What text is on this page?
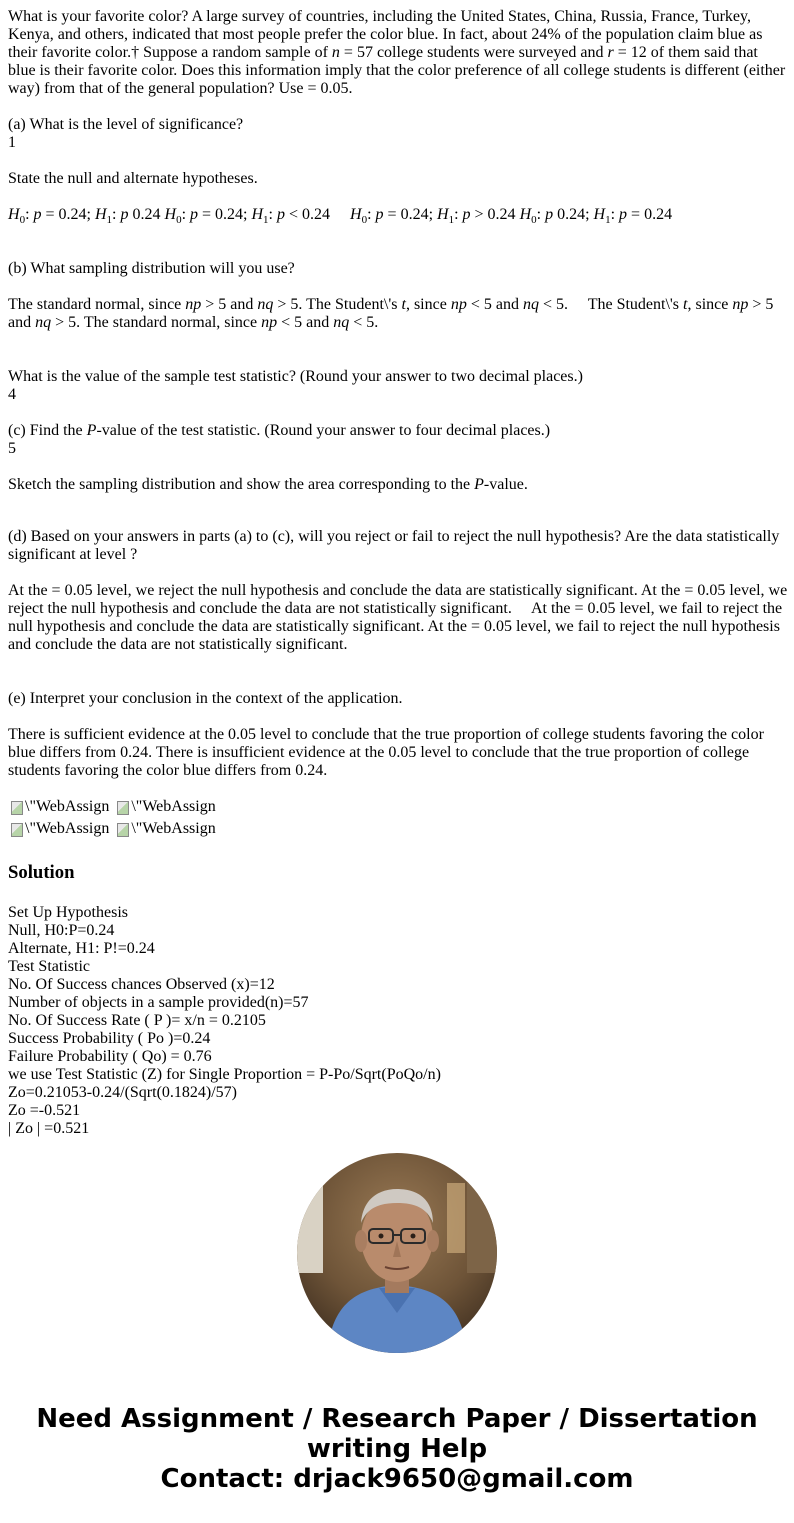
What is your favorite color? A large survey of countries, including the United States, China, Russia, France, Turkey, Kenya, and others, indicated that most people prefer the color blue. In fact, about 24% of the population claim blue as their favorite color.† Suppose a random sample of n = 57 college students were surveyed and r = 12 of them said that blue is their favorite color. Does this information imply that the color preference of all college students is different (either way) from that of the general population? Use = 0.05.

(a) What is the level of significance?

1

State the null and alternate hypotheses.

$H_0$: p = 0.24; $H_1$: p 0.24 $H_0$: p = 0.24; $H_1$: p < 0.24 $H_0$: p = 0.24; $H_1$: p > 0.24 $H_0$: p 0.24; $H_1$: p = 0.24

(b) What sampling distribution will you use?

The standard normal, since np > 5 and nq > 5. The Student\'s t, since np < 5 and nq < 5. The Student\'s t, since np > 5 and nq > 5. The standard normal, since np < 5 and nq < 5.

What is the value of the sample test statistic? (Round your answer to two decimal places.)

4

(c) Find the P-value of the test statistic. (Round your answer to four decimal places.)

5

Sketch the sampling distribution and show the area corresponding to the P-value.

(d) Based on your answers in parts (a) to (c), will you reject or fail to reject the null hypothesis? Are the data statistically significant at level ?

At the = 0.05 level, we reject the null hypothesis and conclude the data are statistically significant. At the = 0.05 level, we reject the null hypothesis and conclude the data are not statistically significant. At the = 0.05 level, we fail to reject the null hypothesis and conclude the data are statistically significant. At the = 0.05 level, we fail to reject the null hypothesis and conclude the data are not statistically significant.

(e) Interpret your conclusion in the context of the application.

There is sufficient evidence at the 0.05 level to conclude that the true proportion of college students favoring the color blue differs from 0.24. There is insufficient evidence at the 0.05 level to conclude that the true proportion of college students favoring the color blue differs from 0.24.

\"WebAssign \"WebAssign
\"WebAssign \"WebAssign
Solution

Set Up Hypothesis

Null, H0:P=0.24

Alternate, H1: P!=0.24

Test Statistic

No. Of Success chances Observed (x)=12

Number of objects in a sample provided(n)=57

No. Of Success Rate ( P )= x/n = 0.2105

Success Probability ( Po )=0.24

Failure Probability ( Qo) = 0.76

we use Test Statistic (Z) for Single Proportion = P-Po/Sqrt(PoQo/n)

Zo=0.21053-0.24/(Sqrt(0.1824)/57)

Zo =-0.521

| Zo | =0.521

Need Assignment / Research Paper / Dissertation
writing Help
Contact: drjack9650@gmail.com
